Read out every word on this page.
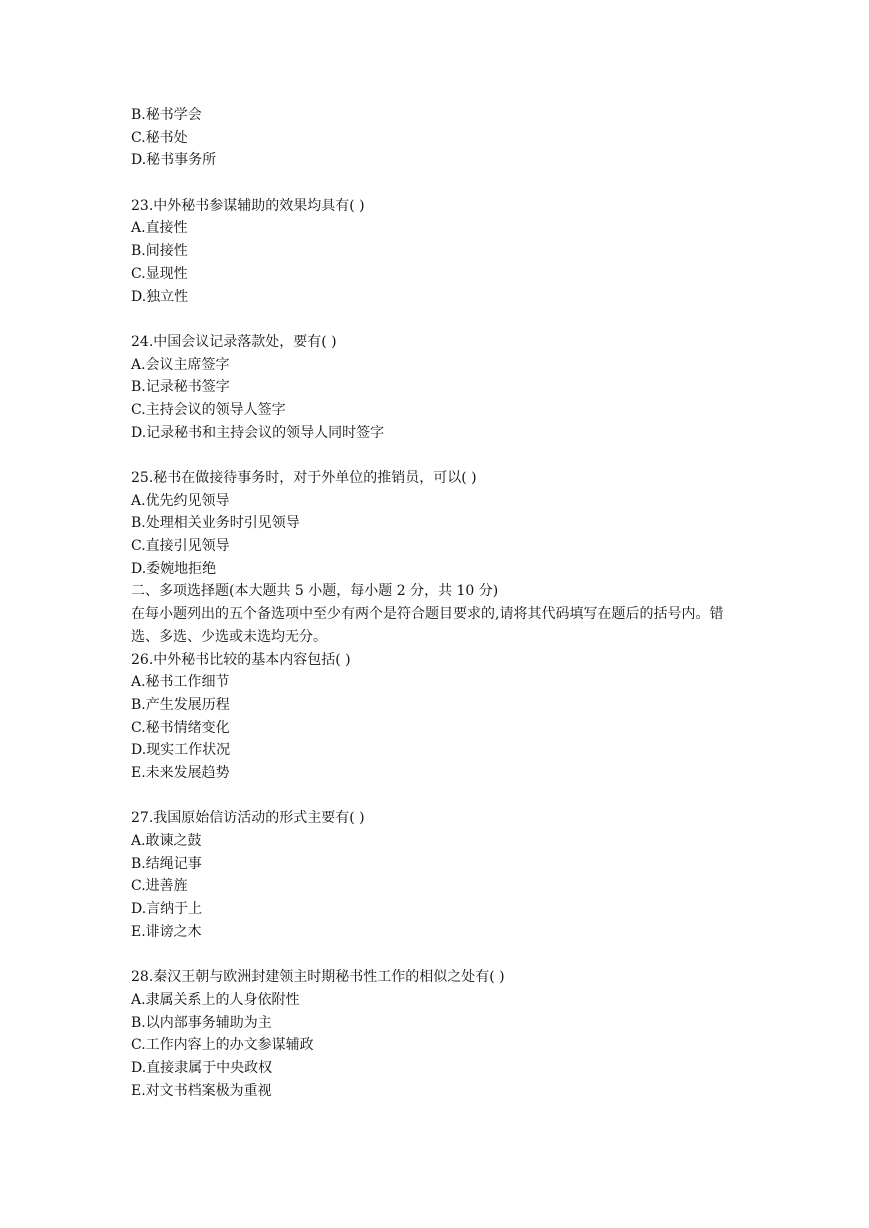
B.秘书学会
C.秘书处
D.秘书事务所
23.中外秘书参谋辅助的效果均具有( )
A.直接性
B.间接性
C.显现性
D.独立性
24.中国会议记录落款处，要有( )
A.会议主席签字
B.记录秘书签字
C.主持会议的领导人签字
D.记录秘书和主持会议的领导人同时签字
25.秘书在做接待事务时，对于外单位的推销员，可以( )
A.优先约见领导
B.处理相关业务时引见领导
C.直接引见领导
D.委婉地拒绝
二、多项选择题(本大题共 5 小题，每小题 2 分，共 10 分)
在每小题列出的五个备选项中至少有两个是符合题目要求的,请将其代码填写在题后的括号内。错选、多选、少选或未选均无分。
26.中外秘书比较的基本内容包括( )
A.秘书工作细节
B.产生发展历程
C.秘书情绪变化
D.现实工作状况
E.未来发展趋势
27.我国原始信访活动的形式主要有( )
A.敢谏之鼓
B.结绳记事
C.进善旌
D.言纳于上
E.诽谤之木
28.秦汉王朝与欧洲封建领主时期秘书性工作的相似之处有( )
A.隶属关系上的人身依附性
B.以内部事务辅助为主
C.工作内容上的办文参谋辅政
D.直接隶属于中央政权
E.对文书档案极为重视
